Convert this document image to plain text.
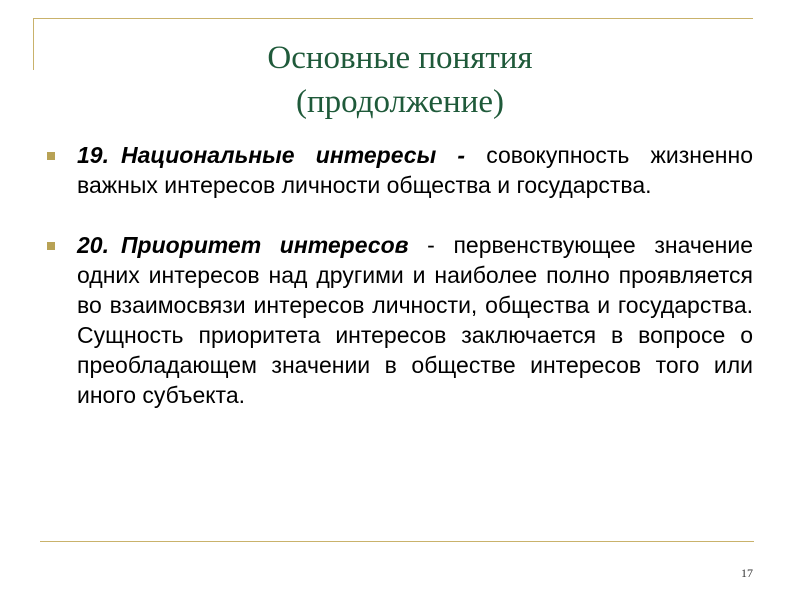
Основные понятия
(продолжение)
19. Национальные интересы - совокупность жизненно важных интересов личности общества и государства.
20. Приоритет интересов - первенствующее значение одних интересов над другими и наиболее полно проявляется во взаимосвязи интересов личности, общества и государства. Сущность приоритета интересов заключается в вопросе о преобладающем значении в обществе интересов того или иного субъекта.
17
